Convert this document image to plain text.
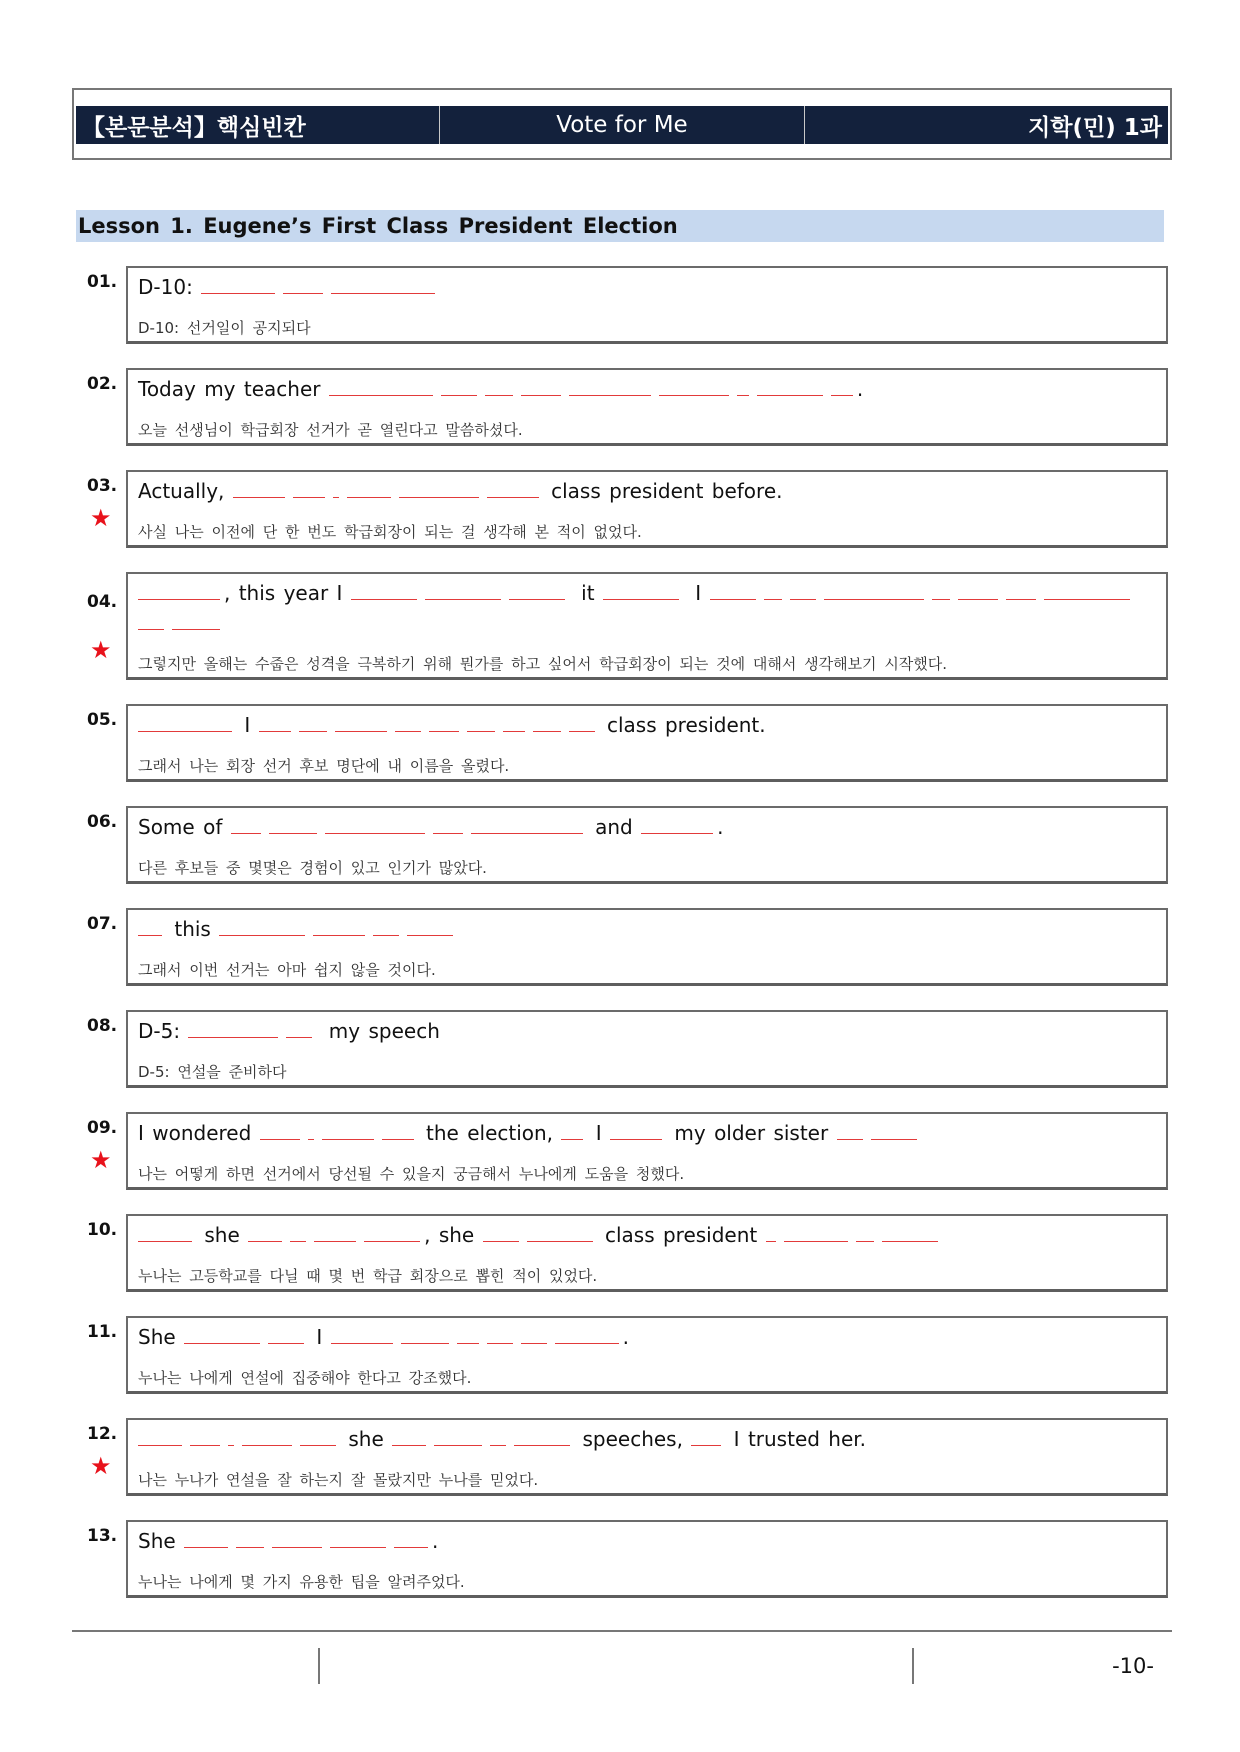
【본문분석】핵심빈칸	Vote for Me	지학(민) 1과
Lesson 1. Eugene’s First Class President Election
01. D-10:
D-10: 선거일이 공지되다
02. Today my teacher	.
오늘 선생님이 학급회장 선거가 곧 열린다고 말씀하셨다.
03.
★
Actually,	class president before.
사실 나는 이전에 단 한 번도 학급회장이 되는 걸 생각해 본 적이 없었다.
04.
★
, this year I	it	I
그렇지만 올해는 수줍은 성격을 극복하기 위해 뭔가를 하고 싶어서 학급회장이 되는 것에 대해서 생각해보기 시작했다.
05.	I	class president.
그래서 나는 회장 선거 후보 명단에 내 이름을 올렸다.
06. Some of	and	.
다른 후보들 중 몇몇은 경험이 있고 인기가 많았다.
07.	this
그래서 이번 선거는 아마 쉽지 않을 것이다.
08. D-5:	my speech
D-5: 연설을 준비하다
09.
★
I wondered	the election,  I	my older sister
나는 어떻게 하면 선거에서 당선될 수 있을지 궁금해서 누나에게 도움을 청했다.
10.	she	, she	class president
누나는 고등학교를 다닐 때 몇 번 학급 회장으로 뽑힌 적이 있었다.
11. She	I	.
누나는 나에게 연설에 집중해야 한다고 강조했다.
12.
★
she	speeches,  I trusted her.
나는 누나가 연설을 잘 하는지 잘 몰랐지만 누나를 믿었다.
13. She	.
누나는 나에게 몇 가지 유용한 팁을 알려주었다.
-10-
